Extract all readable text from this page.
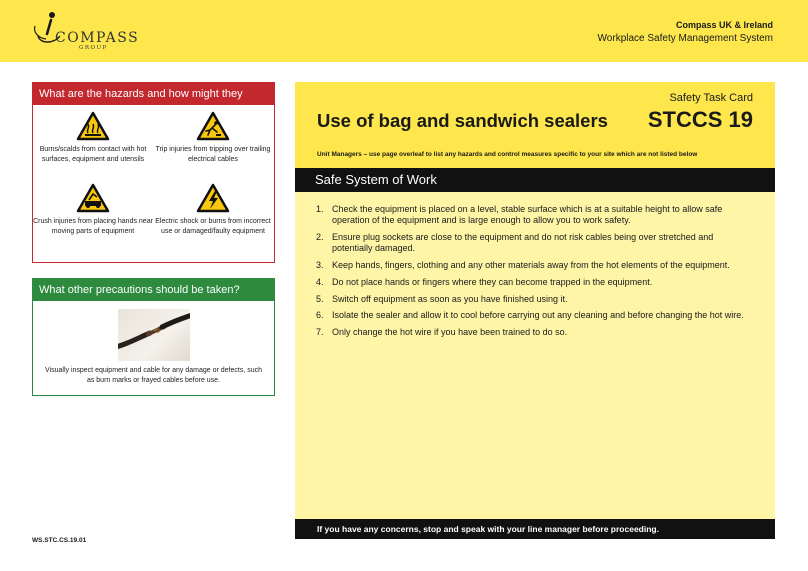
COMPASS
GROUP
Compass UK & Ireland
Workplace Safety Management System
What are the hazards and how might they harm?
Burns/scalds from contact with hot surfaces, equipment and utensils
Trip injuries from tripping over trailing electrical cables
Crush injuries from placing hands near moving parts of equipment
Electric shock or burns from incorrect use or damaged/faulty equipment
What other precautions should be taken?
Visually inspect equipment and cable for any damage or defects, such as burn marks or frayed cables before use.
WS.STC.CS.19.01
Use of bag and sandwich sealers
Safety Task Card
STCCS 19
Unit Managers – use page overleaf to list any hazards and control measures specific to your site which are not listed below
Safe System of Work
1. Check the equipment is placed on a level, stable surface which is at a suitable height to allow safe operation of the equipment and is large enough to allow you to work safety.
2. Ensure plug sockets are close to the equipment and do not risk cables being over stretched and potentially damaged.
3. Keep hands, fingers, clothing and any other materials away from the hot elements of the equipment.
4. Do not place hands or fingers where they can become trapped in the equipment.
5. Switch off equipment as soon as you have finished using it.
6. Isolate the sealer and allow it to cool before carrying out any cleaning and before changing the hot wire.
7. Only change the hot wire if you have been trained to do so.
If you have any concerns, stop and speak with your line manager before proceeding.
